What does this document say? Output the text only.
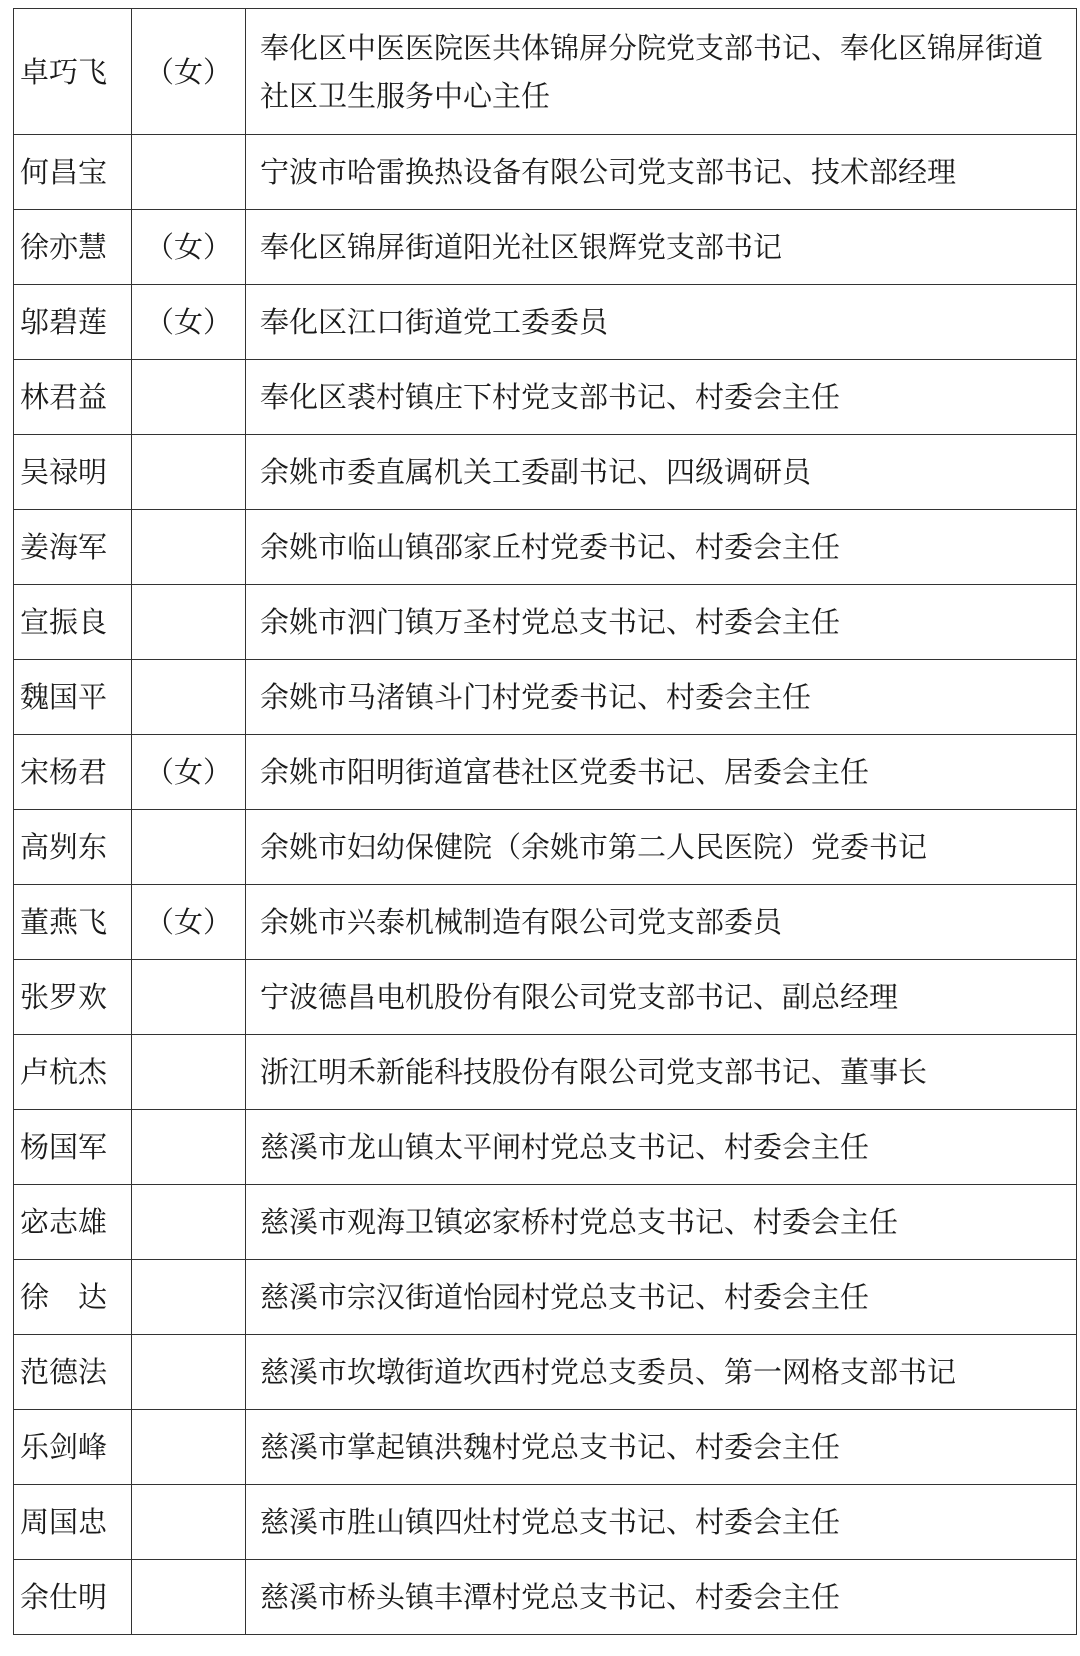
卓巧飞	（女）	奉化区中医医院医共体锦屏分院党支部书记、奉化区锦屏街道社区卫生服务中心主任
何昌宝		宁波市哈雷换热设备有限公司党支部书记、技术部经理
徐亦慧	（女）	奉化区锦屏街道阳光社区银辉党支部书记
邬碧莲	（女）	奉化区江口街道党工委委员
林君益		奉化区裘村镇庄下村党支部书记、村委会主任
吴禄明		余姚市委直属机关工委副书记、四级调研员
姜海军		余姚市临山镇邵家丘村党委书记、村委会主任
宣振良		余姚市泗门镇万圣村党总支书记、村委会主任
魏国平		余姚市马渚镇斗门村党委书记、村委会主任
宋杨君	（女）	余姚市阳明街道富巷社区党委书记、居委会主任
高刿东		余姚市妇幼保健院（余姚市第二人民医院）党委书记
董燕飞	（女）	余姚市兴泰机械制造有限公司党支部委员
张罗欢		宁波德昌电机股份有限公司党支部书记、副总经理
卢杭杰		浙江明禾新能科技股份有限公司党支部书记、董事长
杨国军		慈溪市龙山镇太平闸村党总支书记、村委会主任
宓志雄		慈溪市观海卫镇宓家桥村党总支书记、村委会主任
徐　达		慈溪市宗汉街道怡园村党总支书记、村委会主任
范德法		慈溪市坎墩街道坎西村党总支委员、第一网格支部书记
乐剑峰		慈溪市掌起镇洪魏村党总支书记、村委会主任
周国忠		慈溪市胜山镇四灶村党总支书记、村委会主任
余仕明		慈溪市桥头镇丰潭村党总支书记、村委会主任
